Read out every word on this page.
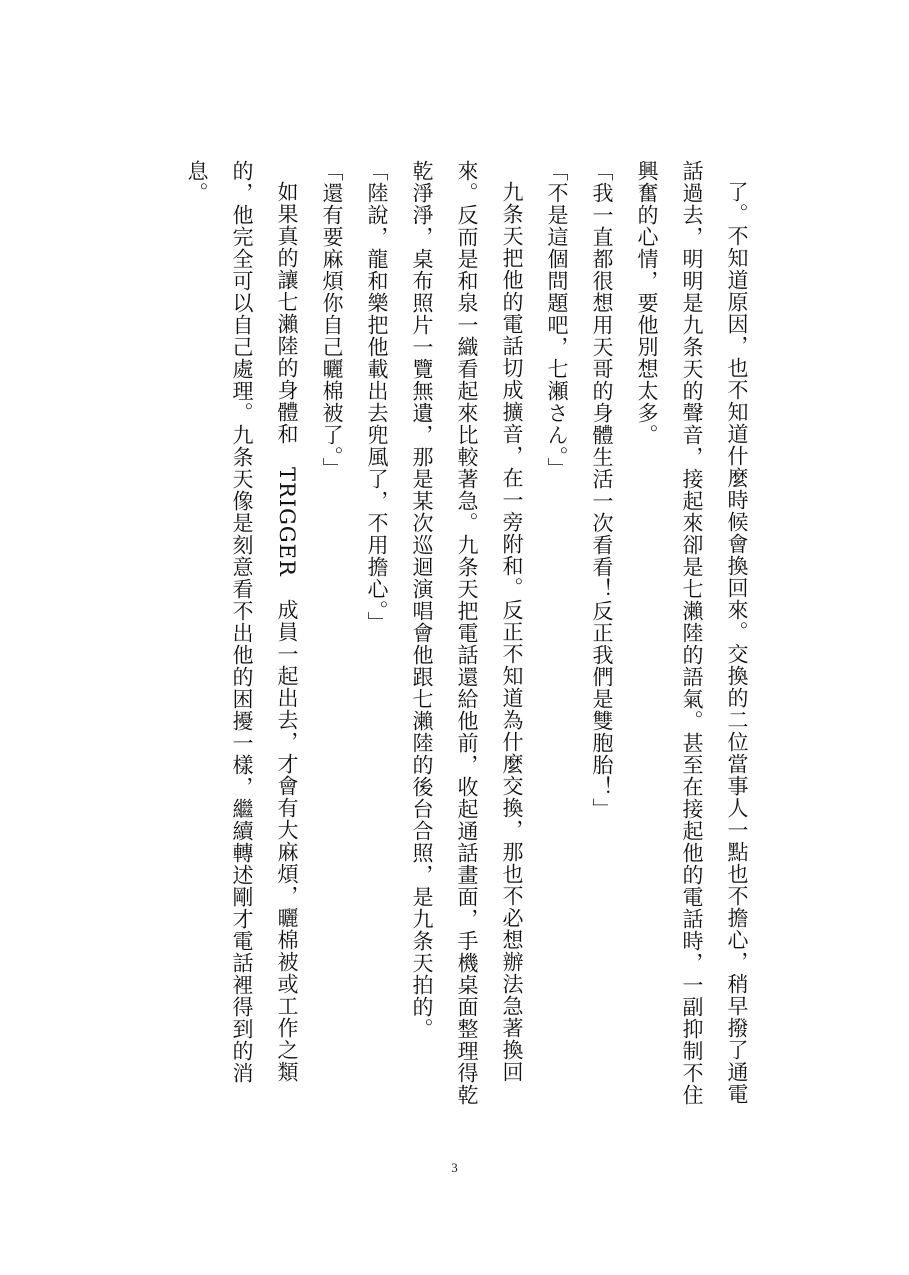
了。不知道原因，也不知道什麼時候會換回來。交換的二位當事人一點也不擔心，稍早撥了通電話過去，明明是九条天的聲音，接起來卻是七瀨陸的語氣。甚至在接起他的電話時，一副抑制不住興奮的心情，要他別想太多。

「我一直都很想用天哥的身體生活一次看看！反正我們是雙胞胎！」

「不是這個問題吧，七瀬さん。」

九条天把他的電話切成擴音，在一旁附和。反正不知道為什麼交換，那也不必想辦法急著換回來。反而是和泉一織看起來比較著急。九条天把電話還給他前，收起通話畫面，手機桌面整理得乾乾淨淨，桌布照片一覽無遺，那是某次巡迴演唱會他跟七瀨陸的後台合照，是九条天拍的。

「陸說，龍和樂把他載出去兜風了，不用擔心。」

「還有要麻煩你自己曬棉被了。」

如果真的讓七瀨陸的身體和　TRIGGER　成員一起出去，才會有大麻煩，曬棉被或工作之類的，他完全可以自己處理。九条天像是刻意看不出他的困擾一樣，繼續轉述剛才電話裡得到的消息。

3
